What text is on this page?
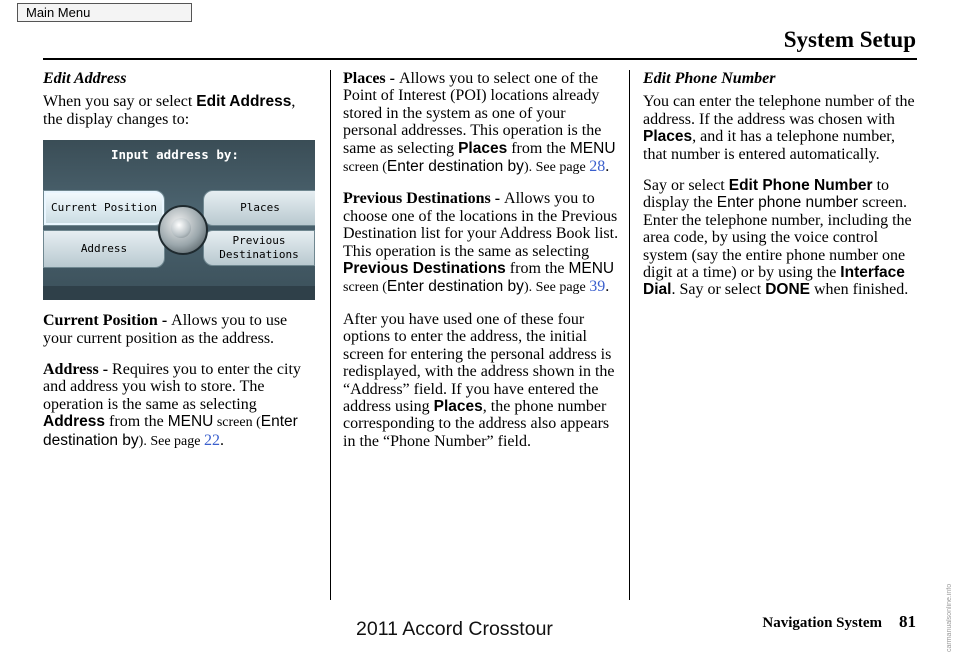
Main Menu
System Setup
Edit Address

When you say or select Edit Address, the display changes to:

Input address by:
Current Position
Address
Places
Previous
Destinations

Current Position - Allows you to use your current position as the address.

Address - Requires you to enter the city and address you wish to store. The operation is the same as selecting Address from the MENU screen (Enter destination by). See page 22.

Places - Allows you to select one of the Point of Interest (POI) locations already stored in the system as one of your personal addresses. This operation is the same as selecting Places from the MENU screen (Enter destination by). See page 28.

Previous Destinations - Allows you to choose one of the locations in the Previous Destination list for your Address Book list. This operation is the same as selecting Previous Destinations from the MENU screen (Enter destination by). See page 39.

After you have used one of these four options to enter the address, the initial screen for entering the personal address is redisplayed, with the address shown in the “Address” field. If you have entered the address using Places, the phone number corresponding to the address also appears in the “Phone Number” field.

Edit Phone Number

You can enter the telephone number of the address. If the address was chosen with Places, and it has a telephone number, that number is entered automatically.

Say or select Edit Phone Number to display the Enter phone number screen. Enter the telephone number, including the area code, by using the voice control system (say the entire phone number one digit at a time) or by using the Interface Dial. Say or select DONE when finished.

Navigation System 81
2011 Accord Crosstour	carmanualsonline.info
